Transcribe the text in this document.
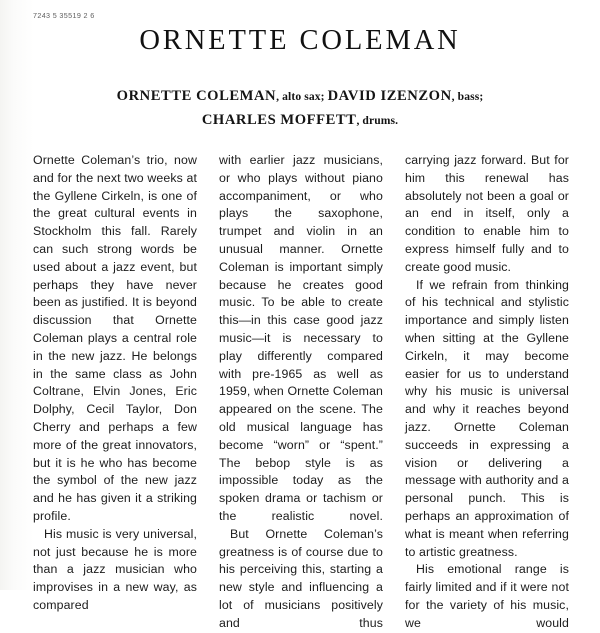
7243 5 35519 2 6
ORNETTE COLEMAN
ORNETTE COLEMAN, alto sax; DAVID IZENZON, bass;
CHARLES MOFFETT, drums.

Ornette Coleman’s trio, now and for the next two weeks at the Gyllene Cirkeln, is one of the great cultural events in Stockholm this fall. Rarely can such strong words be used about a jazz event, but perhaps they have never been as justified. It is beyond discussion that Ornette Coleman plays a central role in the new jazz. He belongs in the same class as John Coltrane, Elvin Jones, Eric Dolphy, Cecil Taylor, Don Cherry and perhaps a few more of the great innovators, but it is he who has become the symbol of the new jazz and he has given it a striking profile.

His music is very universal, not just because he is more than a jazz musician who improvises in a new way, as compared

with earlier jazz musicians, or who plays without piano accompaniment, or who plays the saxophone, trumpet and violin in an unusual manner. Ornette Coleman is important simply because he creates good music. To be able to create this—in this case good jazz music—it is necessary to play differently compared with pre-1965 as well as 1959, when Ornette Coleman appeared on the scene. The old musical language has become “worn” or “spent.” The bebop style is as impossible today as the spoken drama or tachism or the realistic novel.

But Ornette Coleman’s greatness is of course due to his perceiving this, starting a new style and influencing a lot of musicians positively and thus

carrying jazz forward. But for him this renewal has absolutely not been a goal or an end in itself, only a condition to enable him to express himself fully and to create good music.

If we refrain from thinking of his technical and stylistic importance and simply listen when sitting at the Gyllene Cirkeln, it may become easier for us to understand why his music is universal and why it reaches beyond jazz. Ornette Coleman succeeds in expressing a vision or delivering a message with authority and a personal punch. This is perhaps an approximation of what is meant when referring to artistic greatness.

His emotional range is fairly limited and if it were not for the variety of his music, we would
